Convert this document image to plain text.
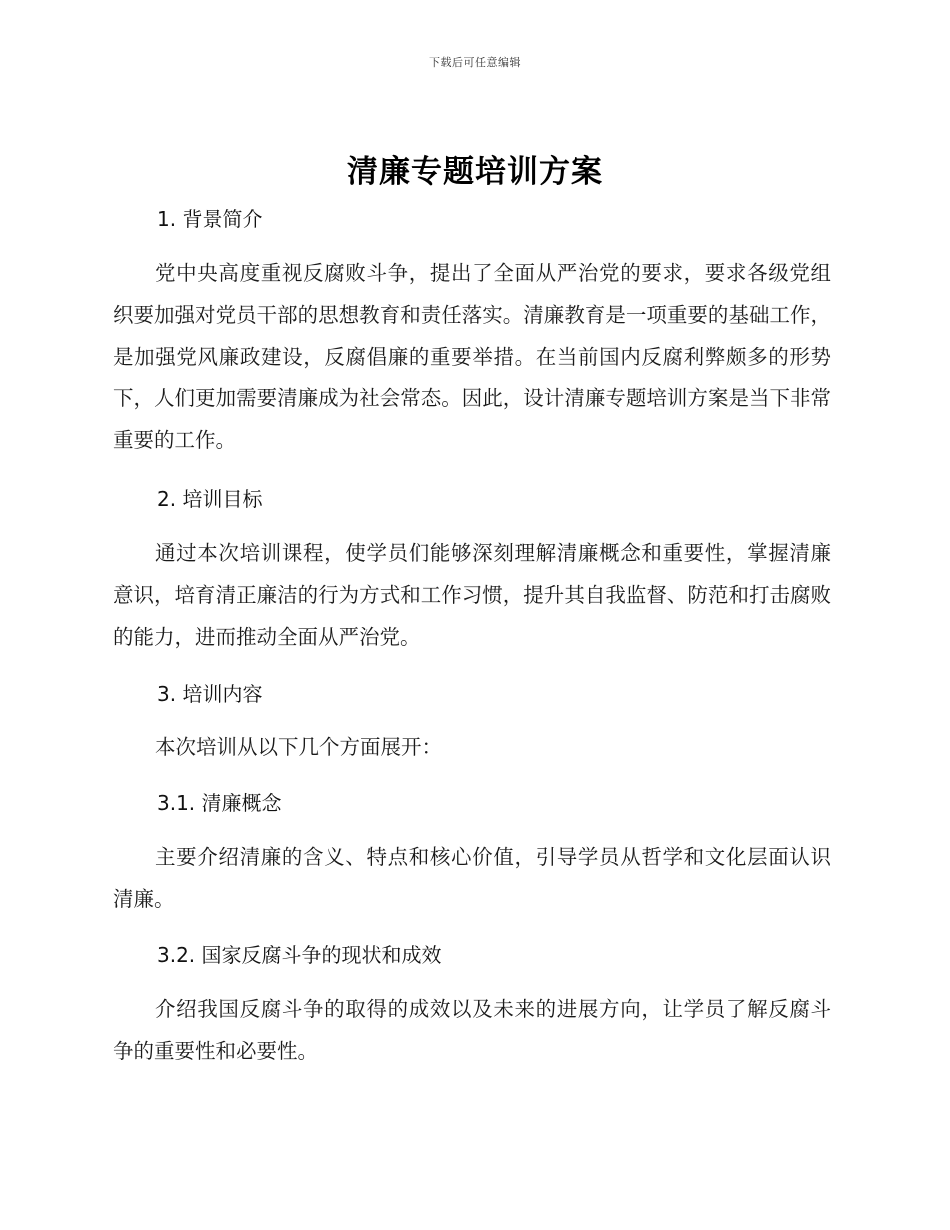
下载后可任意编辑
清廉专题培训方案
1. 背景简介

党中央高度重视反腐败斗争，提出了全面从严治党的要求，要求各级党组织要加强对党员干部的思想教育和责任落实。清廉教育是一项重要的基础工作，是加强党风廉政建设，反腐倡廉的重要举措。在当前国内反腐利弊颇多的形势下，人们更加需要清廉成为社会常态。因此，设计清廉专题培训方案是当下非常重要的工作。

2. 培训目标

通过本次培训课程，使学员们能够深刻理解清廉概念和重要性，掌握清廉意识，培育清正廉洁的行为方式和工作习惯，提升其自我监督、防范和打击腐败的能力，进而推动全面从严治党。

3. 培训内容

本次培训从以下几个方面展开：

3.1. 清廉概念

主要介绍清廉的含义、特点和核心价值，引导学员从哲学和文化层面认识清廉。

3.2. 国家反腐斗争的现状和成效

介绍我国反腐斗争的取得的成效以及未来的进展方向，让学员了解反腐斗争的重要性和必要性。
